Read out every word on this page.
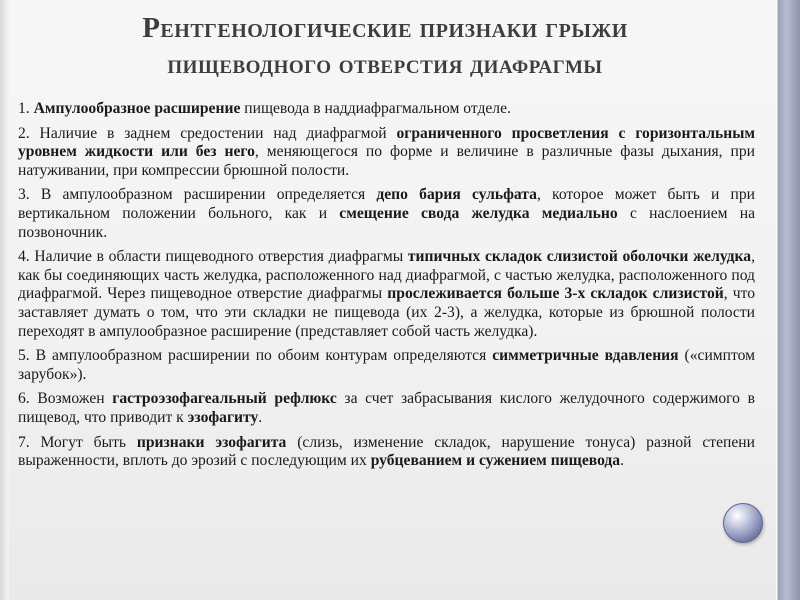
Рентгенологические признаки грыжи
пищеводного отверстия диафрагмы

1. Ампулообразное расширение пищевода в наддиафрагмальном отделе.

2. Наличие в заднем средостении над диафрагмой ограниченного просветления с горизонтальным уровнем жидкости или без него, меняющегося по форме и величине в различные фазы дыхания, при натуживании, при компрессии брюшной полости.

3. В ампулообразном расширении определяется депо бария сульфата, которое может быть и при вертикальном положении больного, как и смещение свода желудка медиально с наслоением на позвоночник.

4. Наличие в области пищеводного отверстия диафрагмы типичных складок слизистой оболочки желудка, как бы соединяющих часть желудка, расположенного над диафрагмой, с частью желудка, расположенного под диафрагмой. Через пищеводное отверстие диафрагмы прослеживается больше 3-х складок слизистой, что заставляет думать о том, что эти складки не пищевода (их 2-3), а желудка, которые из брюшной полости переходят в ампулообразное расширение (представляет собой часть желудка).

5. В ампулообразном расширении по обоим контурам определяются симметричные вдавления («симптом зарубок»).

6. Возможен гастроэзофагеальный рефлюкс за счет забрасывания кислого желудочного содержимого в пищевод, что приводит к эзофагиту.

7. Могут быть признаки эзофагита (слизь, изменение складок, нарушение тонуса) разной степени выраженности, вплоть до эрозий с последующим их рубцеванием и сужением пищевода.
